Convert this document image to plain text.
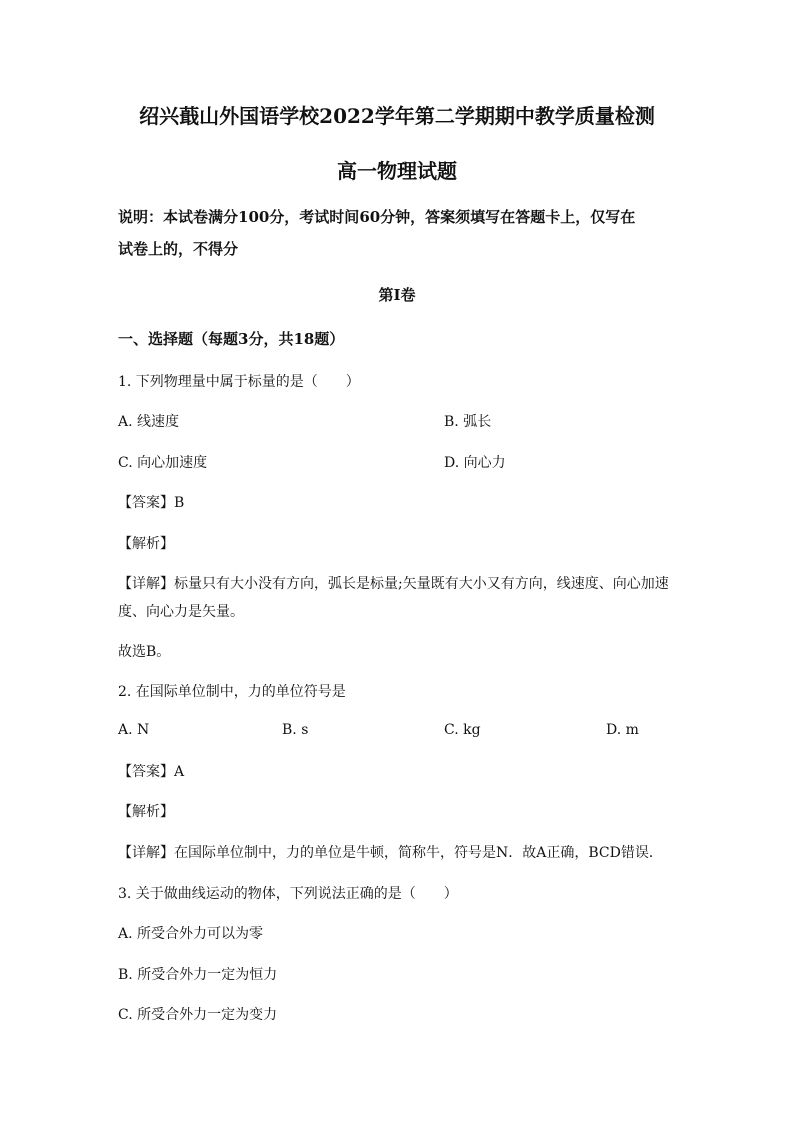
绍兴蕺山外国语学校2022学年第二学期期中教学质量检测
高一物理试题
说明：本试卷满分100分，考试时间60分钟，答案须填写在答题卡上，仅写在
试卷上的，不得分
第I卷
一、选择题（每题3分，共18题）
1. 下列物理量中属于标量的是（　　）
A. 线速度	B. 弧长
C. 向心加速度	D. 向心力
【答案】B
【解析】
【详解】标量只有大小没有方向，弧长是标量;矢量既有大小又有方向，线速度、向心加速
度、向心力是矢量。
故选B。
2. 在国际单位制中，力的单位符号是
A. N	B. s	C. kg	D. m
【答案】A
【解析】
【详解】在国际单位制中，力的单位是牛顿，简称牛，符号是N．故A正确，BCD错误．
3. 关于做曲线运动的物体，下列说法正确的是（　　）
A. 所受合外力可以为零
B. 所受合外力一定为恒力
C. 所受合外力一定为变力
